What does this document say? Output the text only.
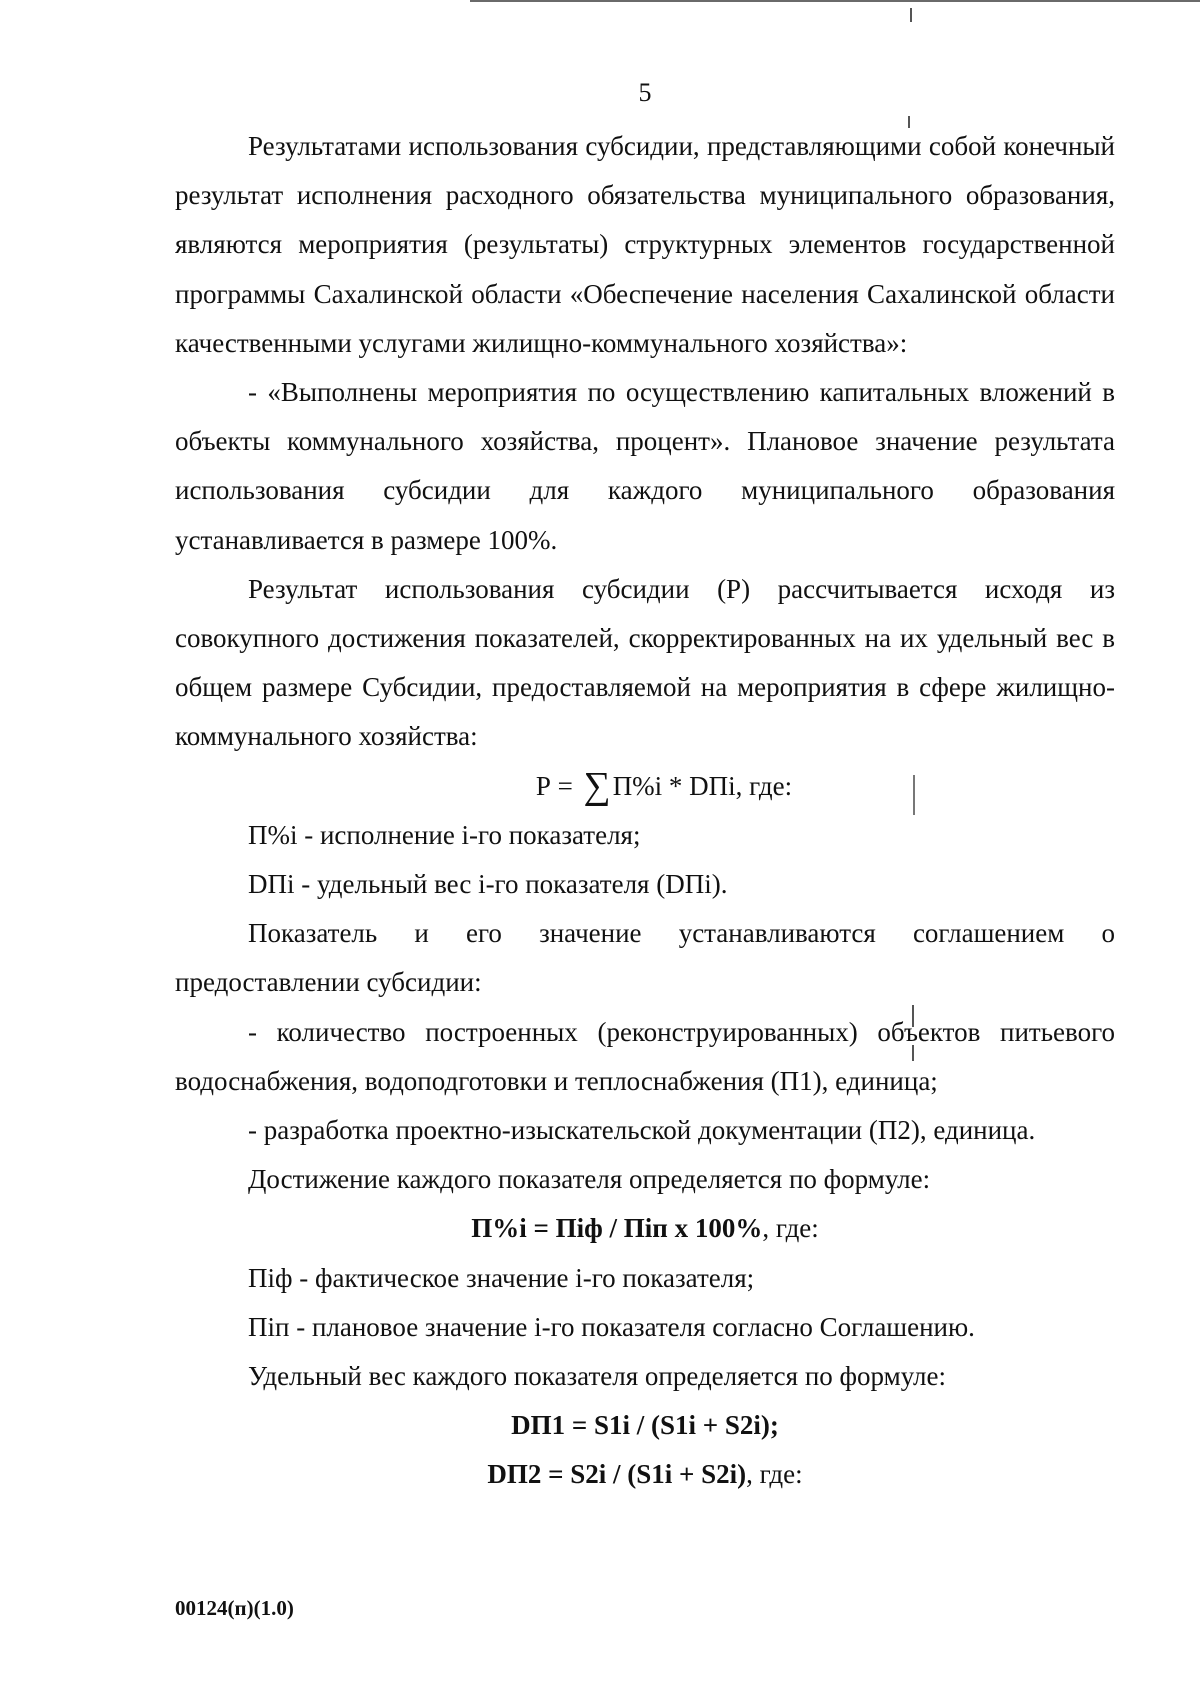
5

Результатами использования субсидии, представляющими собой конечный результат исполнения расходного обязательства муниципального образования, являются мероприятия (результаты) структурных элементов государственной программы Сахалинской области «Обеспечение населения Сахалинской области качественными услугами жилищно-коммунального хозяйства»:

- «Выполнены мероприятия по осуществлению капитальных вложений в объекты коммунального хозяйства, процент». Плановое значение результата использования субсидии для каждого муниципального образования устанавливается в размере 100%.

Результат использования субсидии (Р) рассчитывается исходя из совокупного достижения показателей, скорректированных на их удельный вес в общем размере Субсидии, предоставляемой на мероприятия в сфере жилищно-коммунального хозяйства:

Р = ∑П%i * DПi, где:

П%i - исполнение i-го показателя;

DПi - удельный вес i-го показателя (DПi).

Показатель и его значение устанавливаются соглашением о предоставлении субсидии:

- количество построенных (реконструированных) объектов питьевого водоснабжения, водоподготовки и теплоснабжения (П1), единица;

- разработка проектно-изыскательской документации (П2), единица.

Достижение каждого показателя определяется по формуле:

П%i = Пiф / Пiп х 100%, где:

Пiф - фактическое значение i-го показателя;

Пiп - плановое значение i-го показателя согласно Соглашению.

Удельный вес каждого показателя определяется по формуле:

DП1 = S1i / (S1i + S2i);

DП2 = S2i / (S1i + S2i), где:

00124(п)(1.0)
